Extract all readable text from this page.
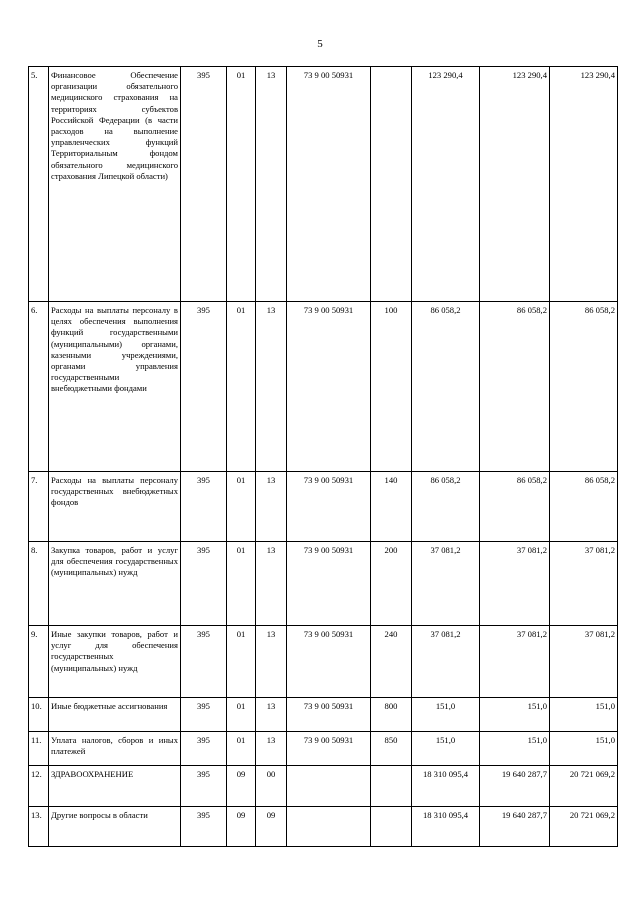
5
5.	Финансовое Обеспечение организации обязательного медицинского страхования на территориях субъектов Российской Федерации (в части расходов на выполнение управленческих функций Территориальным фондом обязательного медицинского страхования Липецкой области)	395	01	13	73 9 00 50931		123 290,4	123 290,4	123 290,4
6.	Расходы на выплаты персоналу в целях обеспечения выполнения функций государственными (муниципальными) органами, казенными учреждениями, органами управления государственными внебюджетными фондами	395	01	13	73 9 00 50931	100	86 058,2	86 058,2	86 058,2
7.	Расходы на выплаты персоналу государственных внебюджетных фондов	395	01	13	73 9 00 50931	140	86 058,2	86 058,2	86 058,2
8.	Закупка товаров, работ и услуг для обеспечения государственных (муниципальных) нужд	395	01	13	73 9 00 50931	200	37 081,2	37 081,2	37 081,2
9.	Иные закупки товаров, работ и услуг для обеспечения государственных (муниципальных) нужд	395	01	13	73 9 00 50931	240	37 081,2	37 081,2	37 081,2
10.	Иные бюджетные ассигнования	395	01	13	73 9 00 50931	800	151,0	151,0	151,0
11.	Уплата налогов, сборов и иных платежей	395	01	13	73 9 00 50931	850	151,0	151,0	151,0
12.	ЗДРАВООХРАНЕНИЕ	395	09	00			18 310 095,4	19 640 287,7	20 721 069,2
13.	Другие вопросы в области	395	09	09			18 310 095,4	19 640 287,7	20 721 069,2
